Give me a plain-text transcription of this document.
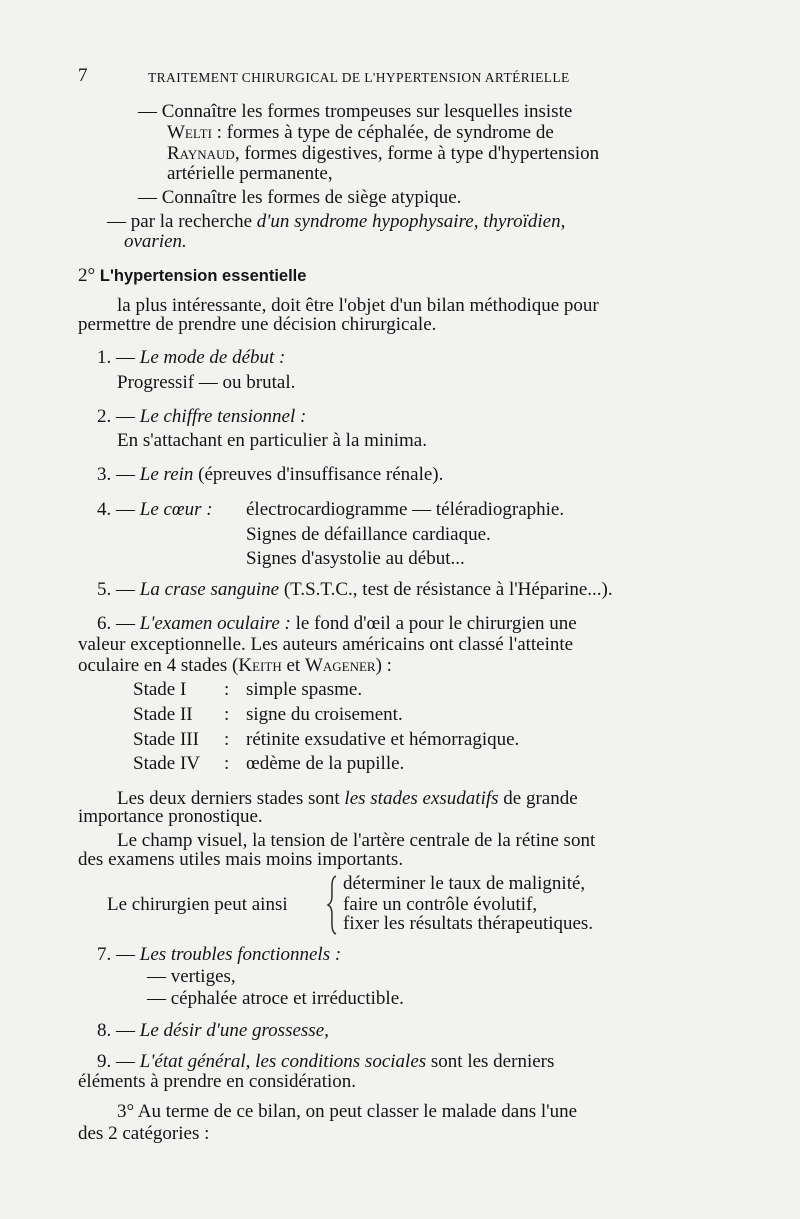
7	TRAITEMENT CHIRURGICAL DE L'HYPERTENSION ARTÉRIELLE
— Connaître les formes trompeuses sur lesquelles insiste
Welti : formes à type de céphalée, de syndrome de
Raynaud, formes digestives, forme à type d'hypertension
artérielle permanente,
— Connaître les formes de siège atypique.
— par la recherche d'un syndrome hypophysaire, thyroïdien,
ovarien.
2° L'hypertension essentielle
la plus intéressante, doit être l'objet d'un bilan méthodique pour
permettre de prendre une décision chirurgicale.
1. — Le mode de début :
Progressif — ou brutal.
2. — Le chiffre tensionnel :
En s'attachant en particulier à la minima.
3. — Le rein (épreuves d'insuffisance rénale).
4. — Le cœur : électrocardiogramme — téléradiographie.
Signes de défaillance cardiaque.
Signes d'asystolie au début...
5. — La crase sanguine (T.S.T.C., test de résistance à l'Héparine...).
6. — L'examen oculaire : le fond d'œil a pour le chirurgien une
valeur exceptionnelle. Les auteurs américains ont classé l'atteinte
oculaire en 4 stades (Keith et Wagener) :
Stade I : simple spasme.
Stade II : signe du croisement.
Stade III : rétinite exsudative et hémorragique.
Stade IV : œdème de la pupille.
Les deux derniers stades sont les stades exsudatifs de grande
importance pronostique.
Le champ visuel, la tension de l'artère centrale de la rétine sont
des examens utiles mais moins importants.
Le chirurgien peut ainsi
déterminer le taux de malignité,
faire un contrôle évolutif,
fixer les résultats thérapeutiques.
7. — Les troubles fonctionnels :
— vertiges,
— céphalée atroce et irréductible.
8. — Le désir d'une grossesse,
9. — L'état général, les conditions sociales sont les derniers
éléments à prendre en considération.
3° Au terme de ce bilan, on peut classer le malade dans l'une
des 2 catégories :
